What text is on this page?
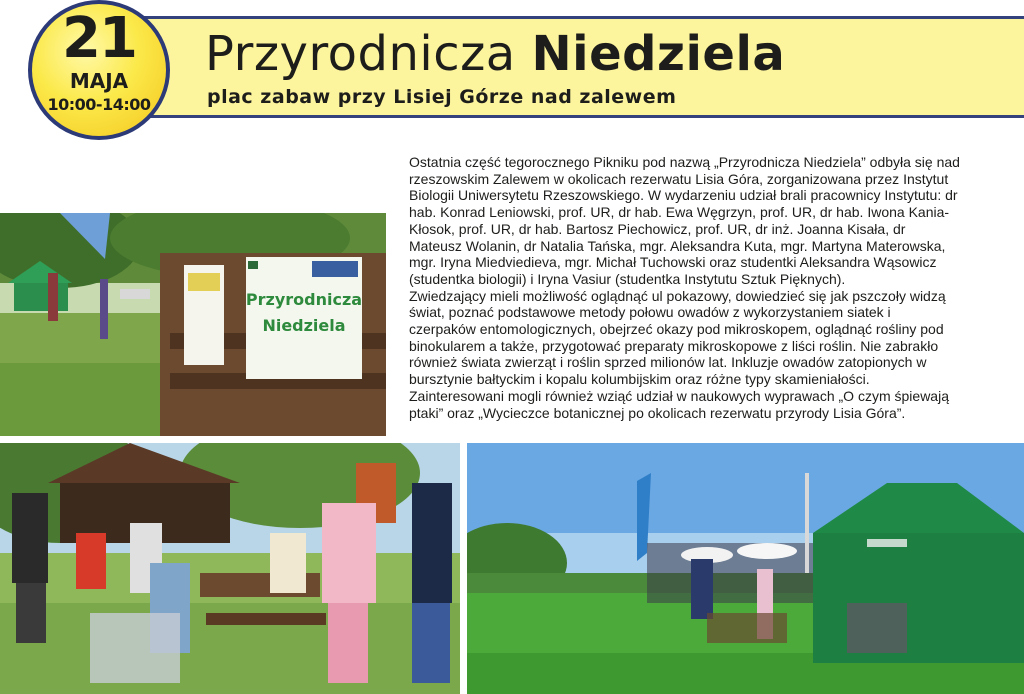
Przyrodnicza Niedziela
plac zabaw przy Lisiej Górze nad zalewem
21
MAJA
10:00-14:00

Ostatnia część tegorocznego Pikniku pod nazwą „Przyrodnicza Niedziela” odbyła się nad rzeszowskim Zalewem w okolicach rezerwatu Lisia Góra, zorganizowana przez Instytut Biologii Uniwersytetu Rzeszowskiego. W wydarzeniu udział brali pracownicy Instytutu: dr hab. Konrad Leniowski, prof. UR, dr hab. Ewa Węgrzyn, prof. UR, dr hab. Iwona Kania-Kłosok, prof. UR, dr hab. Bartosz Piechowicz, prof. UR, dr inż. Joanna Kisała, dr Mateusz Wolanin, dr Natalia Tańska, mgr. Aleksandra Kuta, mgr. Martyna Materowska, mgr. Iryna Miedviedieva, mgr. Michał Tuchowski oraz studentki Aleksandra Wąsowicz (studentka biologii) i Iryna Vasiur (studentka Instytutu Sztuk Pięknych).

Zwiedzający mieli możliwość oglądnąć ul pokazowy, dowiedzieć się jak pszczoły widzą świat, poznać podstawowe metody połowu owadów z wykorzystaniem siatek i czerpaków entomologicznych, obejrzeć okazy pod mikroskopem, oglądnąć rośliny pod binokularem a także, przygotować preparaty mikroskopowe z liści roślin. Nie zabrakło również świata zwierząt i roślin sprzed milionów lat. Inkluzje owadów zatopionych w bursztynie bałtyckim i kopalu kolumbijskim oraz różne typy skamieniałości.

Zainteresowani mogli również wziąć udział w naukowych wyprawach „O czym śpiewają ptaki” oraz „Wycieczce botanicznej po okolicach rezerwatu przyrody Lisia Góra”.

Przyrodnicza
Niedziela
